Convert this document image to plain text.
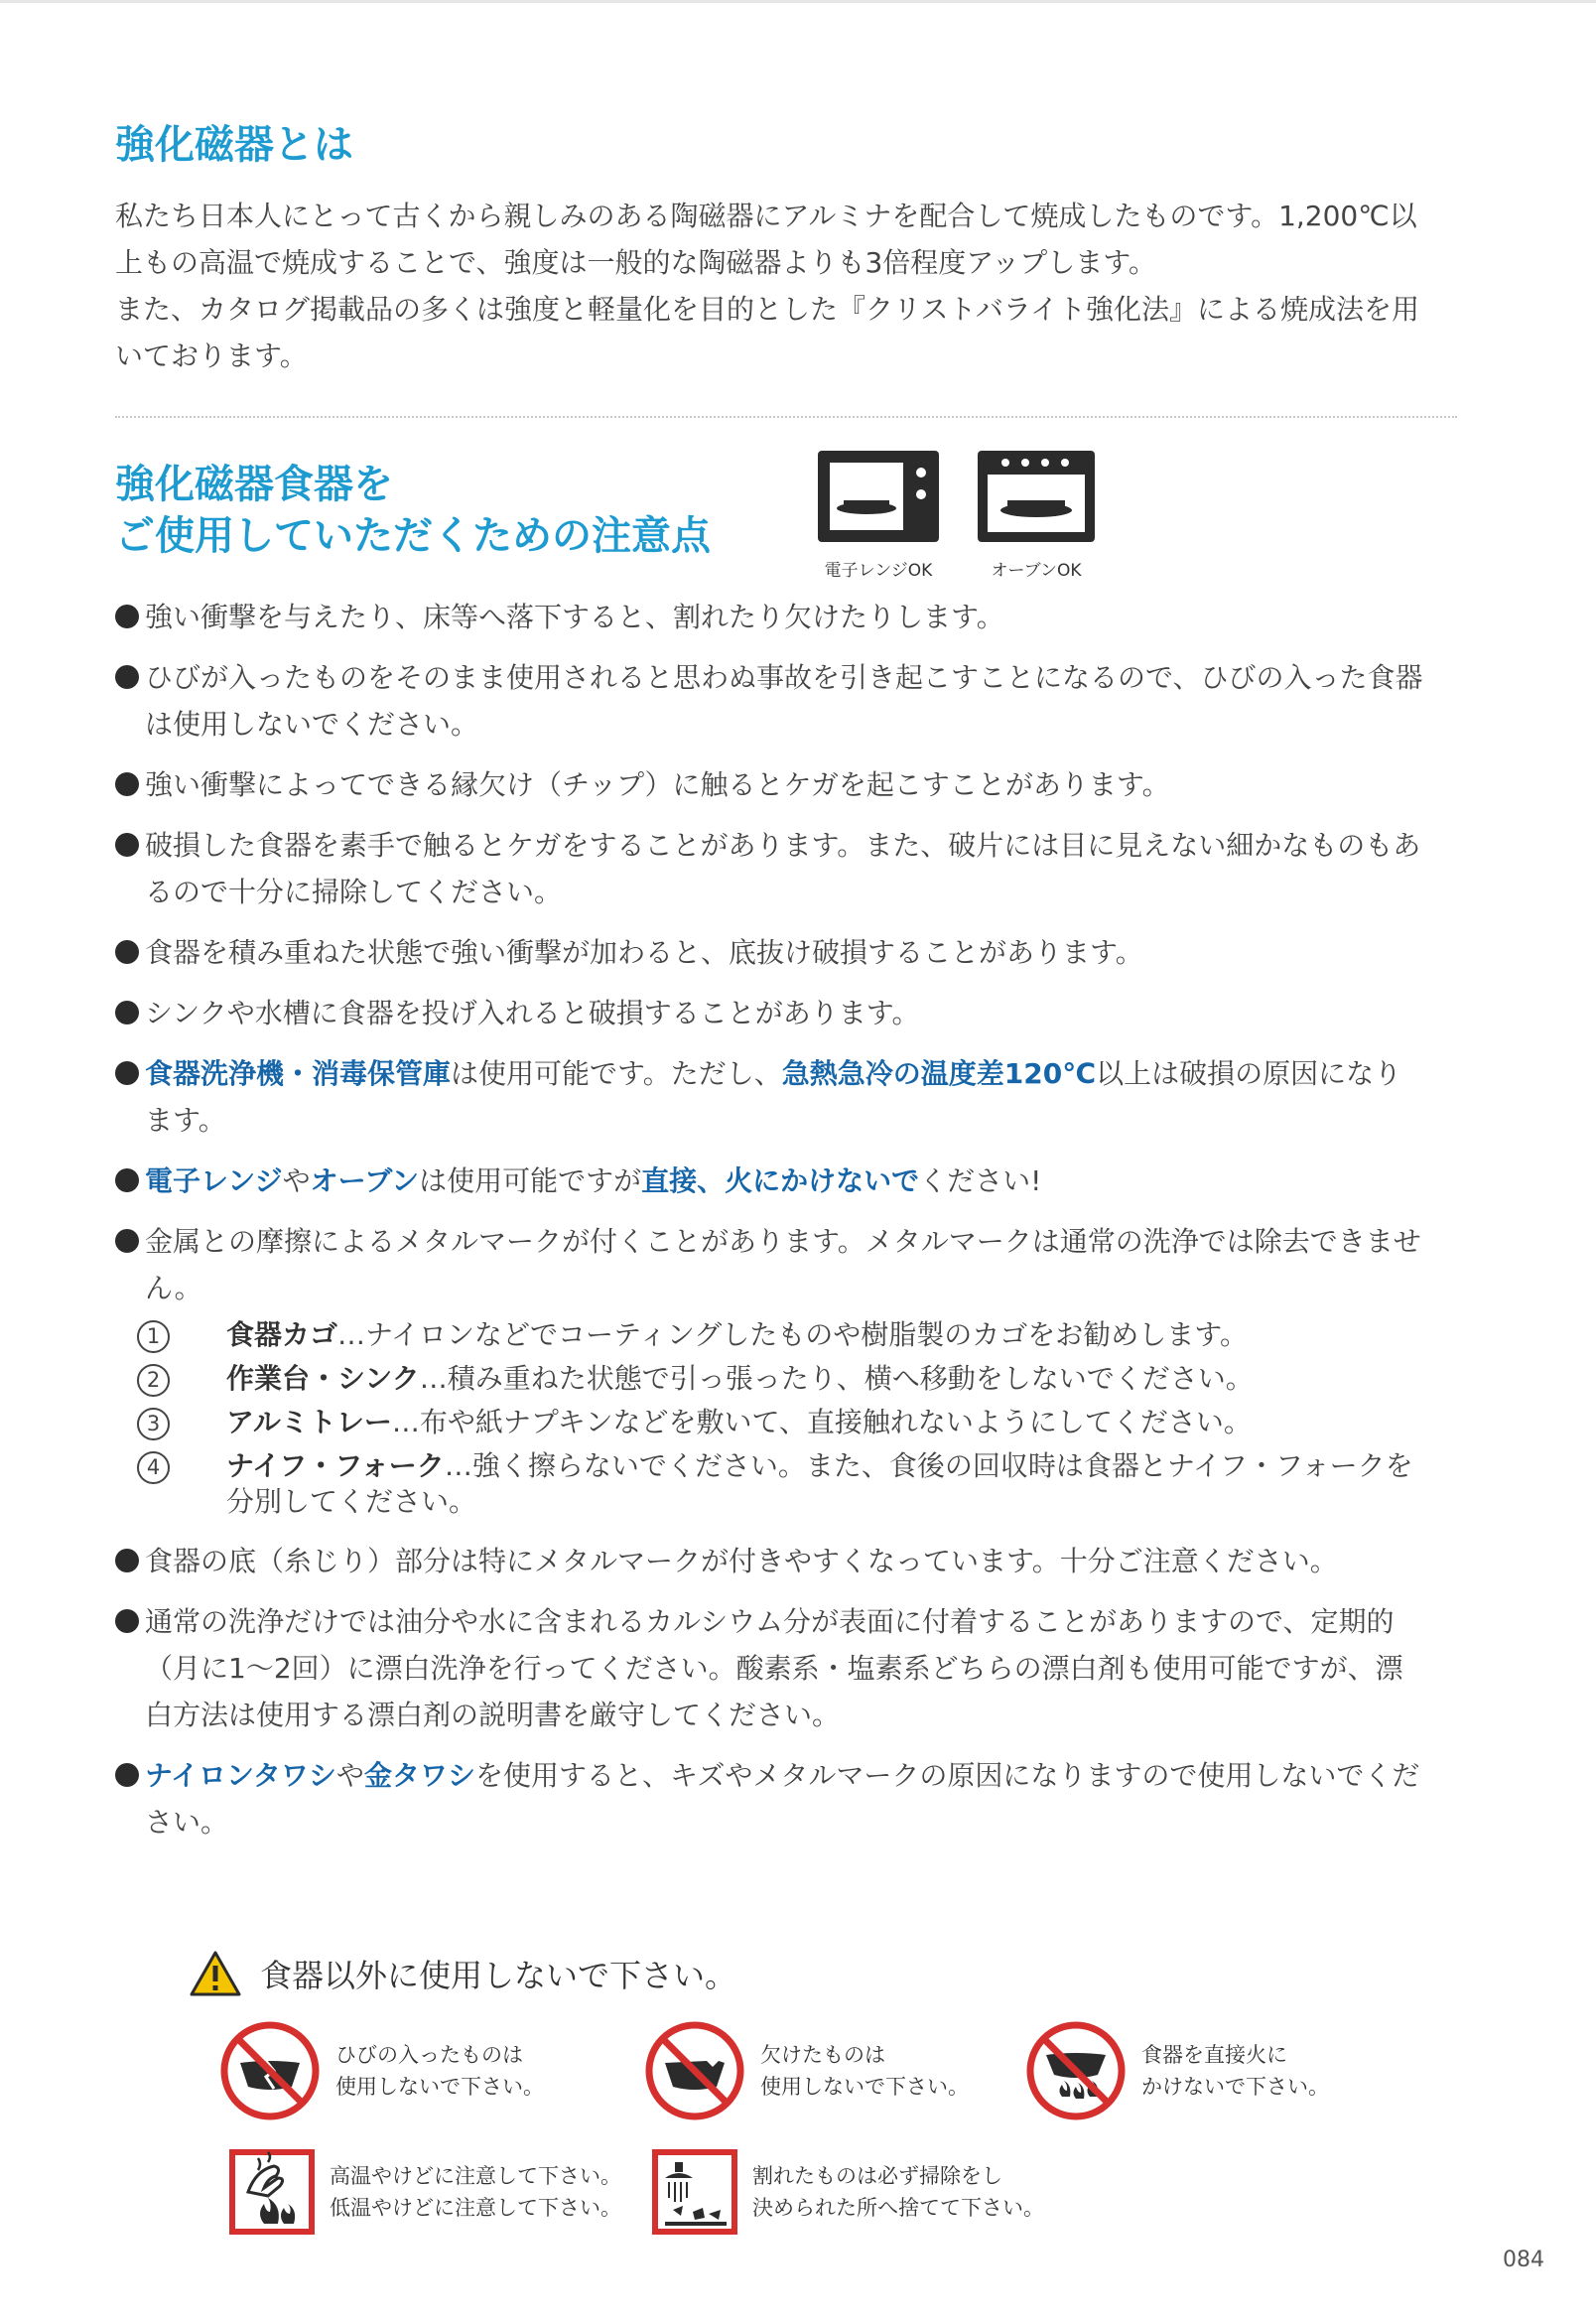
強化磁器とは

私たち日本人にとって古くから親しみのある陶磁器にアルミナを配合して焼成したものです。1,200℃以上もの高温で焼成することで、強度は一般的な陶磁器よりも3倍程度アップします。

また、カタログ掲載品の多くは強度と軽量化を目的とした『クリストバライト強化法』による焼成法を用いております。

強化磁器食器を
ご使用していただくための注意点
電子レンジOK	オーブンOK
強い衝撃を与えたり、床等へ落下すると、割れたり欠けたりします。
ひびが入ったものをそのまま使用されると思わぬ事故を引き起こすことになるので、ひびの入った食器は使用しないでください。
強い衝撃によってできる縁欠け（チップ）に触るとケガを起こすことがあります。
破損した食器を素手で触るとケガをすることがあります。また、破片には目に見えない細かなものもあるので十分に掃除してください。
食器を積み重ねた状態で強い衝撃が加わると、底抜け破損することがあります。
シンクや水槽に食器を投げ入れると破損することがあります。
食器洗浄機・消毒保管庫は使用可能です。ただし、急熱急冷の温度差120℃以上は破損の原因になります。
電子レンジやオーブンは使用可能ですが直接、火にかけないでください!
金属との摩擦によるメタルマークが付くことがあります。メタルマークは通常の洗浄では除去できません。
1	食器カゴ…ナイロンなどでコーティングしたものや樹脂製のカゴをお勧めします。
2	作業台・シンク…積み重ねた状態で引っ張ったり、横へ移動をしないでください。
3	アルミトレー…布や紙ナプキンなどを敷いて、直接触れないようにしてください。
4	ナイフ・フォーク…強く擦らないでください。また、食後の回収時は食器とナイフ・フォークを分別してください。
食器の底（糸じり）部分は特にメタルマークが付きやすくなっています。十分ご注意ください。
通常の洗浄だけでは油分や水に含まれるカルシウム分が表面に付着することがありますので、定期的（月に1〜2回）に漂白洗浄を行ってください。酸素系・塩素系どちらの漂白剤も使用可能ですが、漂白方法は使用する漂白剤の説明書を厳守してください。
ナイロンタワシや金タワシを使用すると、キズやメタルマークの原因になりますので使用しないでください。
食器以外に使用しないで下さい。
ひびの入ったものは
使用しないで下さい。
欠けたものは
使用しないで下さい。
食器を直接火に
かけないで下さい。
高温やけどに注意して下さい。
低温やけどに注意して下さい。
割れたものは必ず掃除をし
決められた所へ捨てて下さい。
084
